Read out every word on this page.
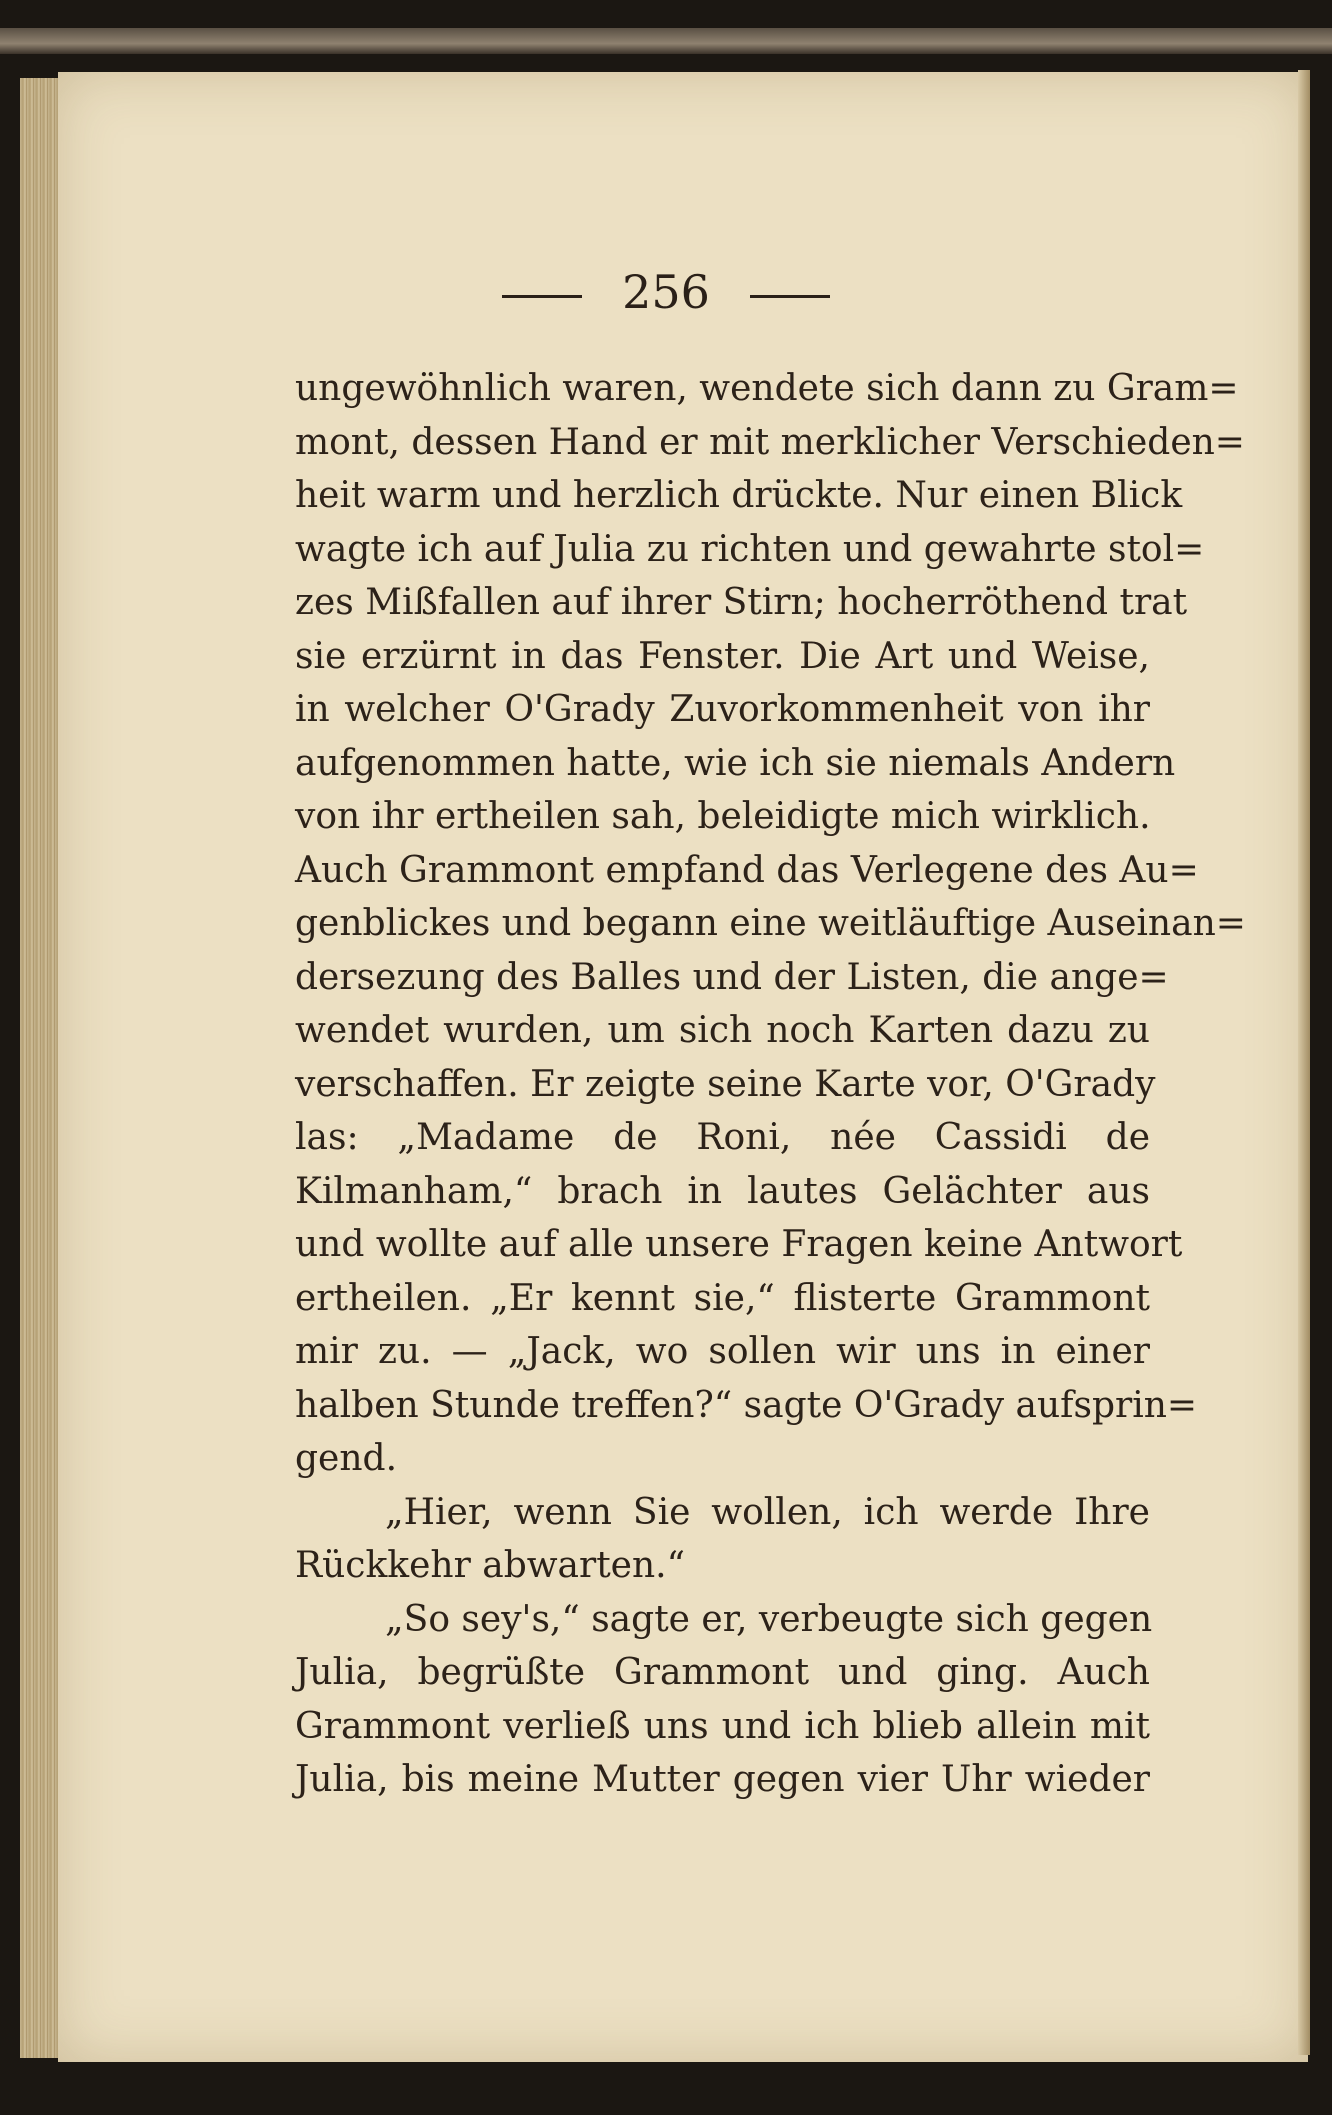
256
ungewöhnlich waren, wendete sich dann zu Gram=
mont, dessen Hand er mit merklicher Verschieden=
heit warm und herzlich drückte. Nur einen Blick
wagte ich auf Julia zu richten und gewahrte stol=
zes Mißfallen auf ihrer Stirn; hocherröthend trat
sie erzürnt in das Fenster. Die Art und Weise,
in welcher O'Grady Zuvorkommenheit von ihr
aufgenommen hatte, wie ich sie niemals Andern
von ihr ertheilen sah, beleidigte mich wirklich.
Auch Grammont empfand das Verlegene des Au=
genblickes und begann eine weitläuftige Auseinan=
dersezung des Balles und der Listen, die ange=
wendet wurden, um sich noch Karten dazu zu
verschaffen. Er zeigte seine Karte vor, O'Grady
las: „Madame de Roni, née Cassidi de
Kilmanham,“ brach in lautes Gelächter aus
und wollte auf alle unsere Fragen keine Antwort
ertheilen. „Er kennt sie,“ flisterte Grammont
mir zu. — „Jack, wo sollen wir uns in einer
halben Stunde treffen?“ sagte O'Grady aufsprin=
gend.
„Hier, wenn Sie wollen, ich werde Ihre
Rückkehr abwarten.“
„So sey's,“ sagte er, verbeugte sich gegen
Julia, begrüßte Grammont und ging. Auch
Grammont verließ uns und ich blieb allein mit
Julia, bis meine Mutter gegen vier Uhr wieder
